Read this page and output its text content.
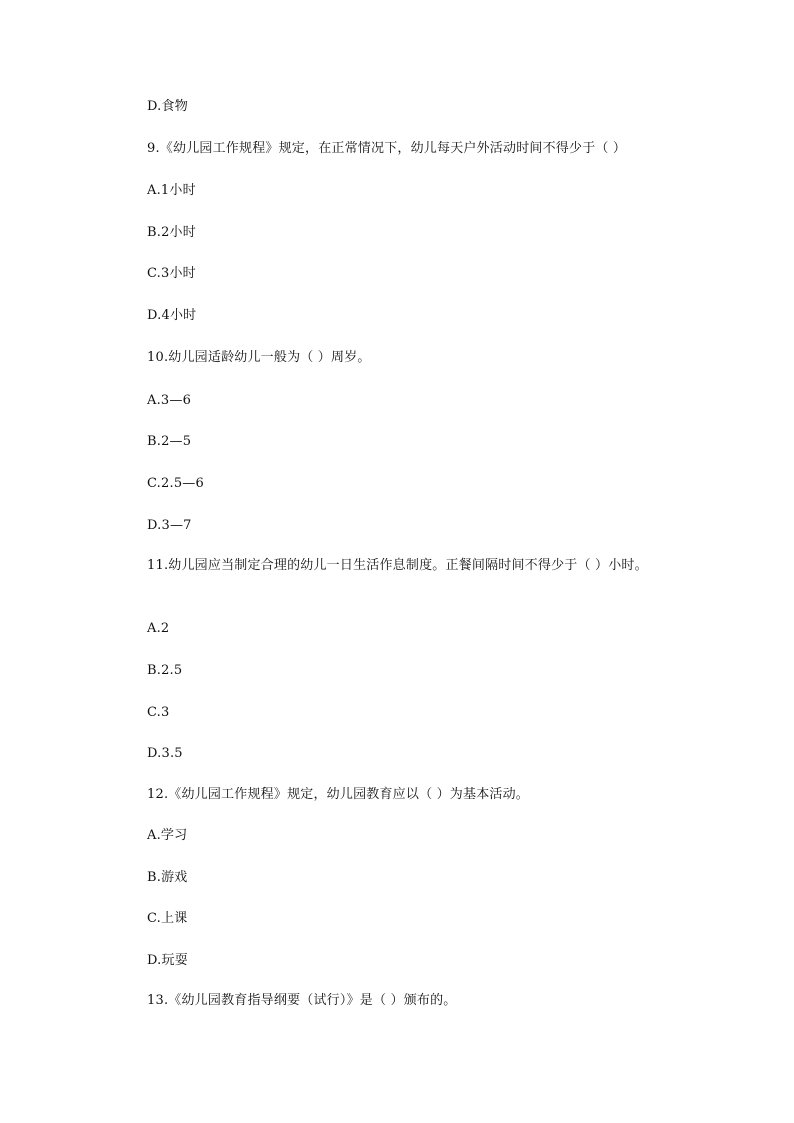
D.食物
9.《幼儿园工作规程》规定，在正常情况下，幼儿每天户外活动时间不得少于（ ）
A.1小时
B.2小时
C.3小时
D.4小时
10.幼儿园适龄幼儿一般为（ ）周岁。
A.3—6
B.2—5
C.2.5—6
D.3—7
11.幼儿园应当制定合理的幼儿一日生活作息制度。正餐间隔时间不得少于（ ）小时。
A.2
B.2.5
C.3
D.3.5
12.《幼儿园工作规程》规定，幼儿园教育应以（ ）为基本活动。
A.学习
B.游戏
C.上课
D.玩耍
13.《幼儿园教育指导纲要（试行）》是（ ）颁布的。
